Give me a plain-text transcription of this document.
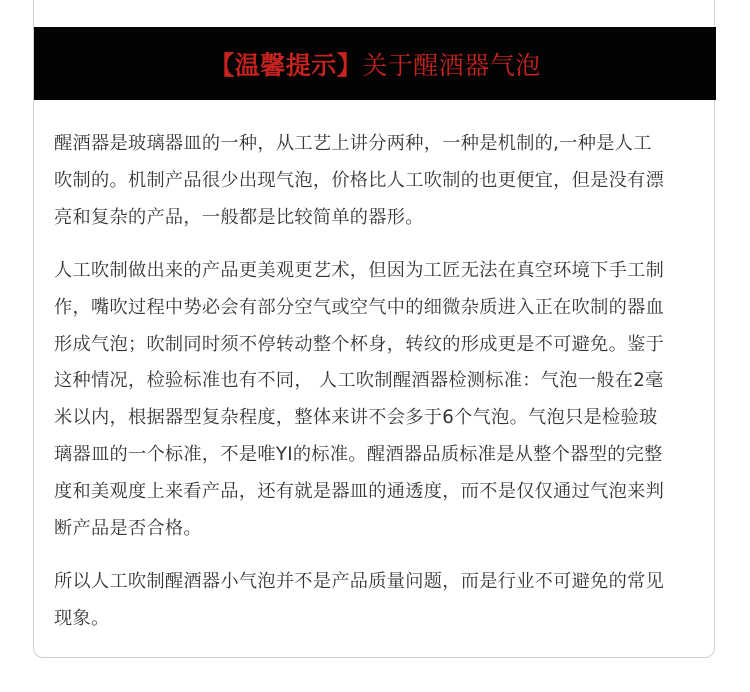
【温馨提示】关于醒酒器气泡

醒酒器是玻璃器皿的一种，从工艺上讲分两种，一种是机制的,一种是人工
吹制的。机制产品很少出现气泡，价格比人工吹制的也更便宜，但是没有漂
亮和复杂的产品，一般都是比较简单的器形。

人工吹制做出来的产品更美观更艺术，但因为工匠无法在真空环境下手工制
作，嘴吹过程中势必会有部分空气或空气中的细微杂质进入正在吹制的器血
形成气泡；吹制同时须不停转动整个杯身，转纹的形成更是不可避免。鉴于
这种情况，检验标准也有不同， 人工吹制醒酒器检测标准：气泡一般在2毫
米以内，根据器型复杂程度，整体来讲不会多于6个气泡。气泡只是检验玻
璃器皿的一个标准，不是唯YI的标准。醒酒器品质标准是从整个器型的完整
度和美观度上来看产品，还有就是器皿的通透度，而不是仅仅通过气泡来判
断产品是否合格。

所以人工吹制醒酒器小气泡并不是产品质量问题，而是行业不可避免的常见
现象。
